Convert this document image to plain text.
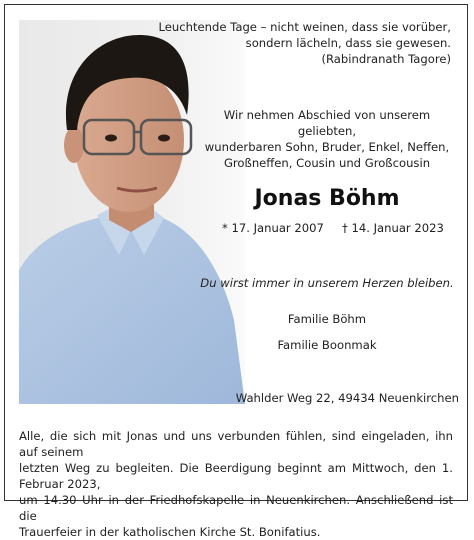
Leuchtende Tage – nicht weinen, dass sie vorüber,
sondern lächeln, dass sie gewesen.
(Rabindranath Tagore)
Wir nehmen Abschied von unserem geliebten,
wunderbaren Sohn, Bruder, Enkel, Neffen,
Großneffen, Cousin und Großcousin
Jonas Böhm
* 17. Januar 2007 † 14. Januar 2023
Du wirst immer in unserem Herzen bleiben.
Familie Böhm
Familie Boonmak
Wahlder Weg 22, 49434 Neuenkirchen
Alle, die sich mit Jonas und uns verbunden fühlen, sind eingeladen, ihn auf seinem
letzten Weg zu begleiten. Die Beerdigung beginnt am Mittwoch, den 1. Februar 2023,
um 14.30 Uhr in der Friedhofskapelle in Neuenkirchen. Anschließend ist die
Trauerfeier in der katholischen Kirche St. Bonifatius.
